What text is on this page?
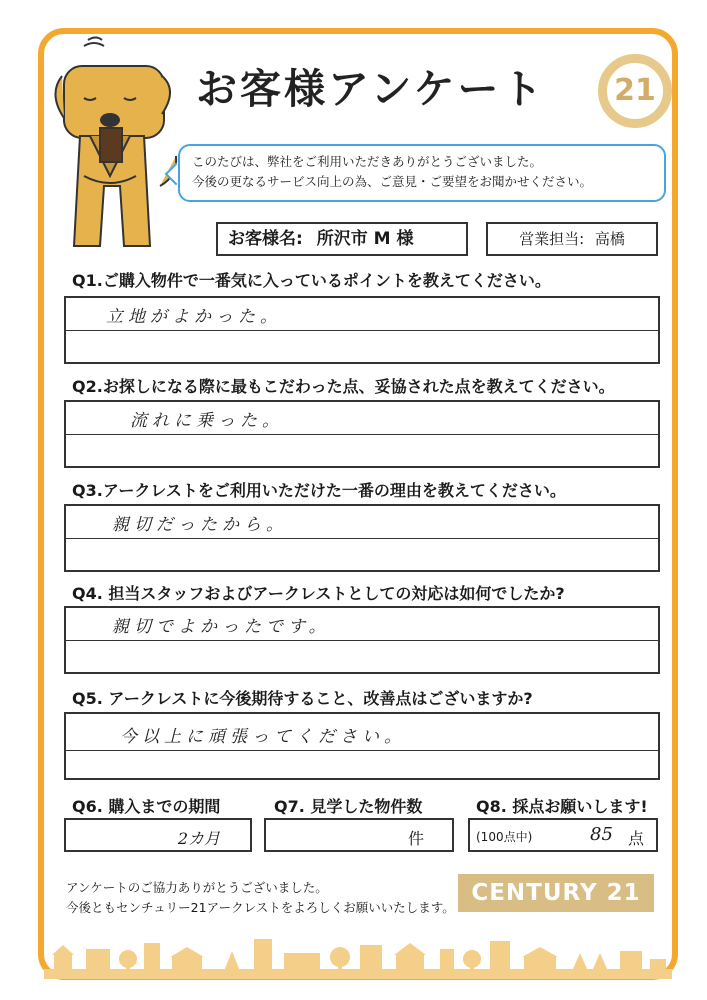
お客様アンケート	21
このたびは、弊社をご利用いただきありがとうございました。
今後の更なるサービス向上の為、ご意見・ご要望をお聞かせください。
お客様名: 所沢市 M 様	営業担当: 高橋
Q1.ご購入物件で一番気に入っているポイントを教えてください。
立地がよかった。
Q2.お探しになる際に最もこだわった点、妥協された点を教えてください。
流れに乗った。
Q3.アークレストをご利用いただけた一番の理由を教えてください。
親切だったから。
Q4. 担当スタッフおよびアークレストとしての対応は如何でしたか?
親切でよかったです。
Q5. アークレストに今後期待すること、改善点はございますか?
今以上に頑張ってください。
Q6. 購入までの期間
2カ月
Q7. 見学した物件数
件
Q8. 採点お願いします!
(100点中)	85 点
アンケートのご協力ありがとうございました。
今後ともセンチュリー21アークレストをよろしくお願いいたします。
CENTURY 21
